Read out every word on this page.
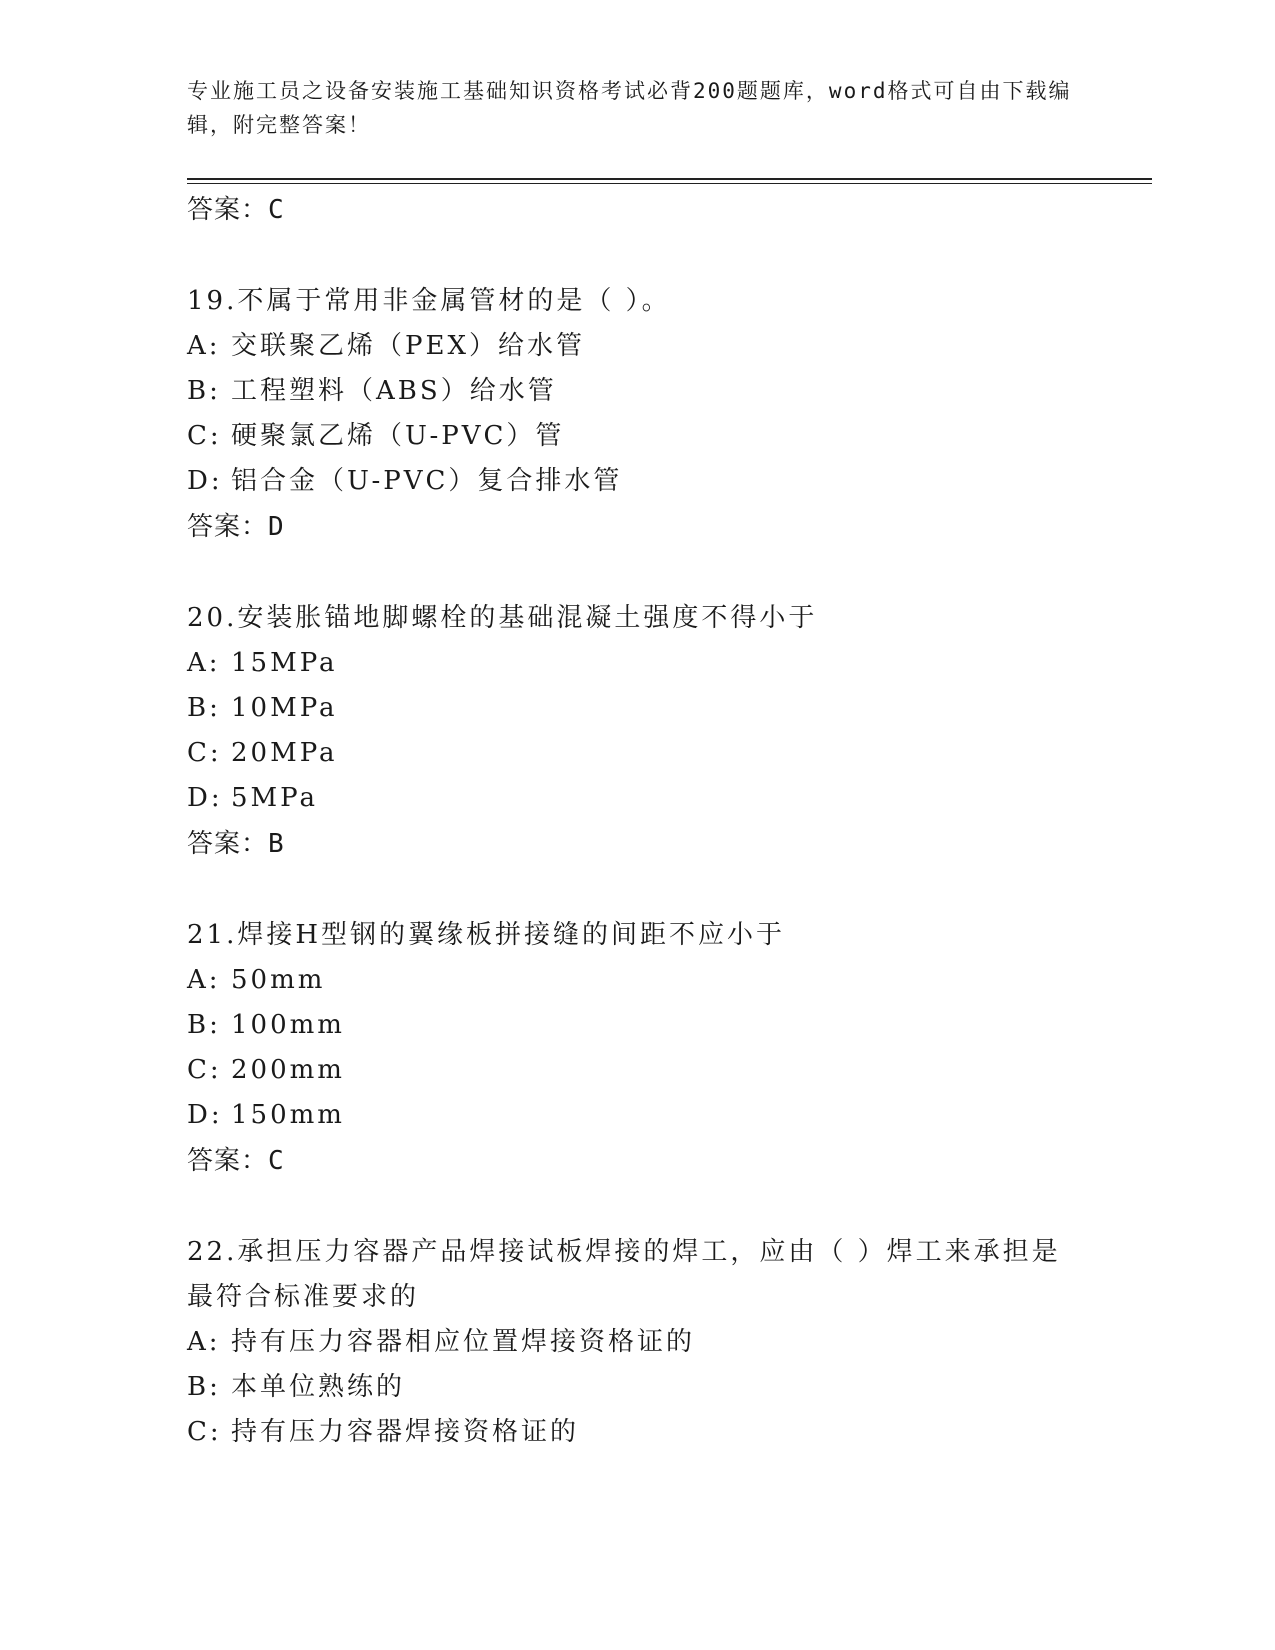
专业施工员之设备安装施工基础知识资格考试必背200题题库，word格式可自由下载编辑，附完整答案！

答案：C

19.不属于常用非金属管材的是（ ）。

A: 交联聚乙烯（PEX）给水管

B: 工程塑料（ABS）给水管

C: 硬聚氯乙烯（U-PVC）管

D: 铝合金（U-PVC）复合排水管

答案：D

20.安装胀锚地脚螺栓的基础混凝土强度不得小于

A: 15MPa

B: 10MPa

C: 20MPa

D: 5MPa

答案：B

21.焊接H型钢的翼缘板拼接缝的间距不应小于

A: 50mm

B: 100mm

C: 200mm

D: 150mm

答案：C

22.承担压力容器产品焊接试板焊接的焊工，应由（ ）焊工来承担是最符合标准要求的

A: 持有压力容器相应位置焊接资格证的

B: 本单位熟练的

C: 持有压力容器焊接资格证的
